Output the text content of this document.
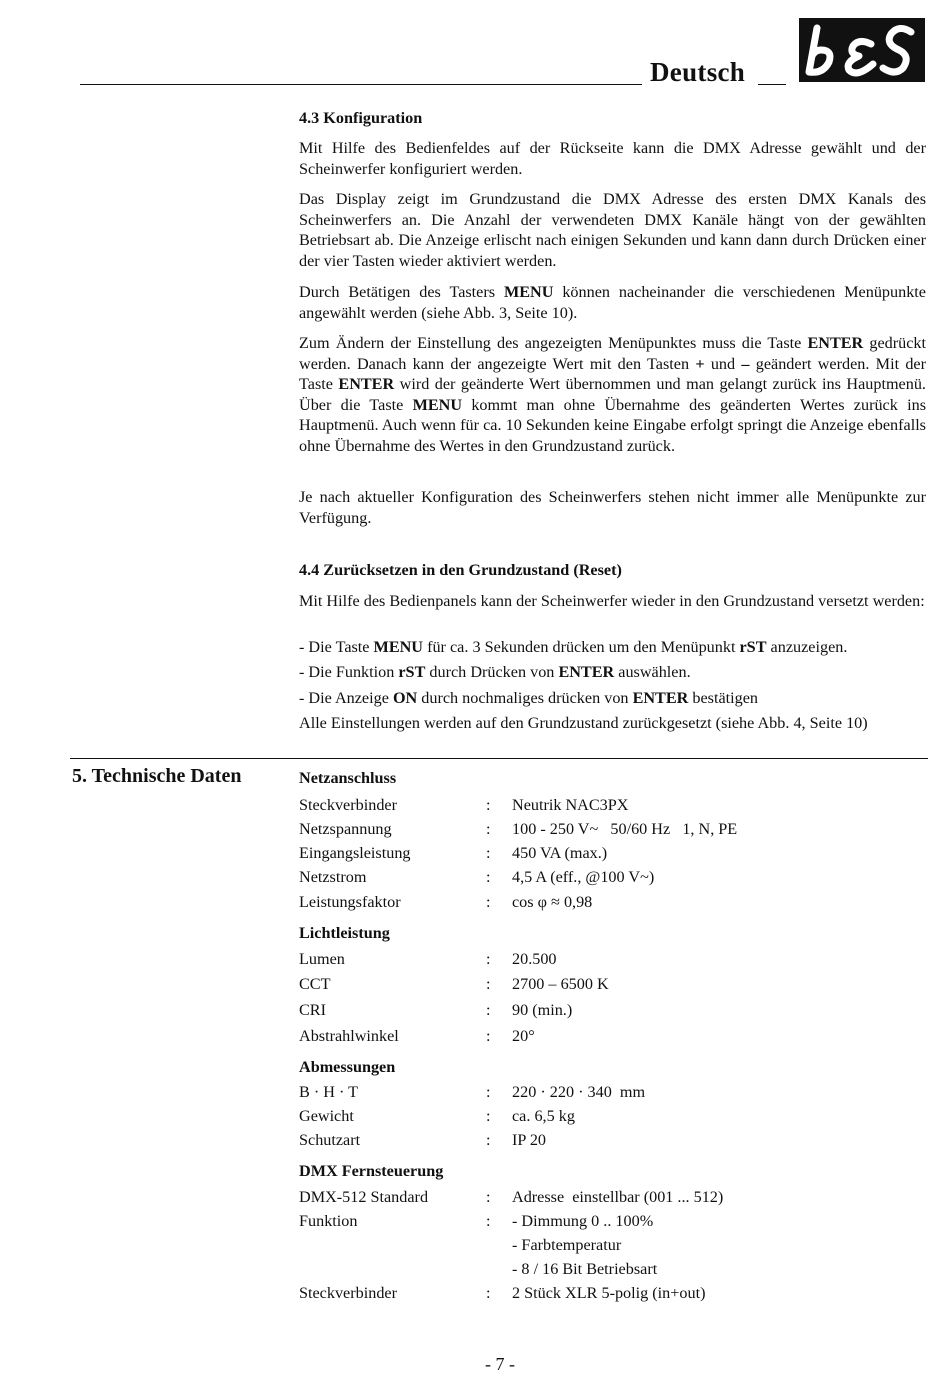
Deutsch
4.3 Konfiguration
Mit Hilfe des Bedienfeldes auf der Rückseite kann die DMX Adresse gewählt und der Scheinwerfer konfiguriert werden.
Das Display zeigt im Grundzustand die DMX Adresse des ersten DMX Kanals des Scheinwerfers an. Die Anzahl der verwendeten DMX Kanäle hängt von der gewählten Betriebsart ab. Die Anzeige erlischt nach einigen Sekunden und kann dann durch Drücken einer der vier Tasten wieder aktiviert werden.
Durch Betätigen des Tasters MENU können nacheinander die verschiedenen Menüpunkte angewählt werden (siehe Abb. 3, Seite 10).
Zum Ändern der Einstellung des angezeigten Menüpunktes muss die Taste ENTER gedrückt werden. Danach kann der angezeigte Wert mit den Tasten + und – geändert werden. Mit der Taste ENTER wird der geänderte Wert übernommen und man gelangt zurück ins Hauptmenü. Über die Taste MENU kommt man ohne Übernahme des geänderten Wertes zurück ins Hauptmenü. Auch wenn für ca. 10 Sekunden keine Eingabe erfolgt springt die Anzeige ebenfalls ohne Übernahme des Wertes in den Grundzustand zurück.
Je nach aktueller Konfiguration des Scheinwerfers stehen nicht immer alle Menüpunkte zur Verfügung.
4.4 Zurücksetzen in den Grundzustand (Reset)
Mit Hilfe des Bedienpanels kann der Scheinwerfer wieder in den Grundzustand versetzt werden:
- Die Taste MENU für ca. 3 Sekunden drücken um den Menüpunkt rST anzuzeigen.
- Die Funktion rST durch Drücken von ENTER auswählen.
- Die Anzeige ON durch nochmaliges drücken von ENTER bestätigen
Alle Einstellungen werden auf den Grundzustand zurückgesetzt (siehe Abb. 4, Seite 10)
5. Technische Daten	Netzanschluss
Steckverbinder	: Neutrik NAC3PX
Netzspannung	: 100 - 250 V~   50/60 Hz   1, N, PE
Eingangsleistung	: 450 VA (max.)
Netzstrom	: 4,5 A (eff., @100 V~)
Leistungsfaktor	: cos φ ≈ 0,98
Lichtleistung
Lumen	: 20.500
CCT	: 2700 – 6500 K
CRI	: 90 (min.)
Abstrahlwinkel	: 20°
Abmessungen
B · H · T	: 220 · 220 · 340  mm
Gewicht	: ca. 6,5 kg
Schutzart	: IP 20
DMX Fernsteuerung
DMX-512 Standard	: Adresse  einstellbar (001 ... 512)
Funktion	: - Dimmung 0 .. 100%
- Farbtemperatur
- 8 / 16 Bit Betriebsart
Steckverbinder	: 2 Stück XLR 5-polig (in+out)
- 7 -
